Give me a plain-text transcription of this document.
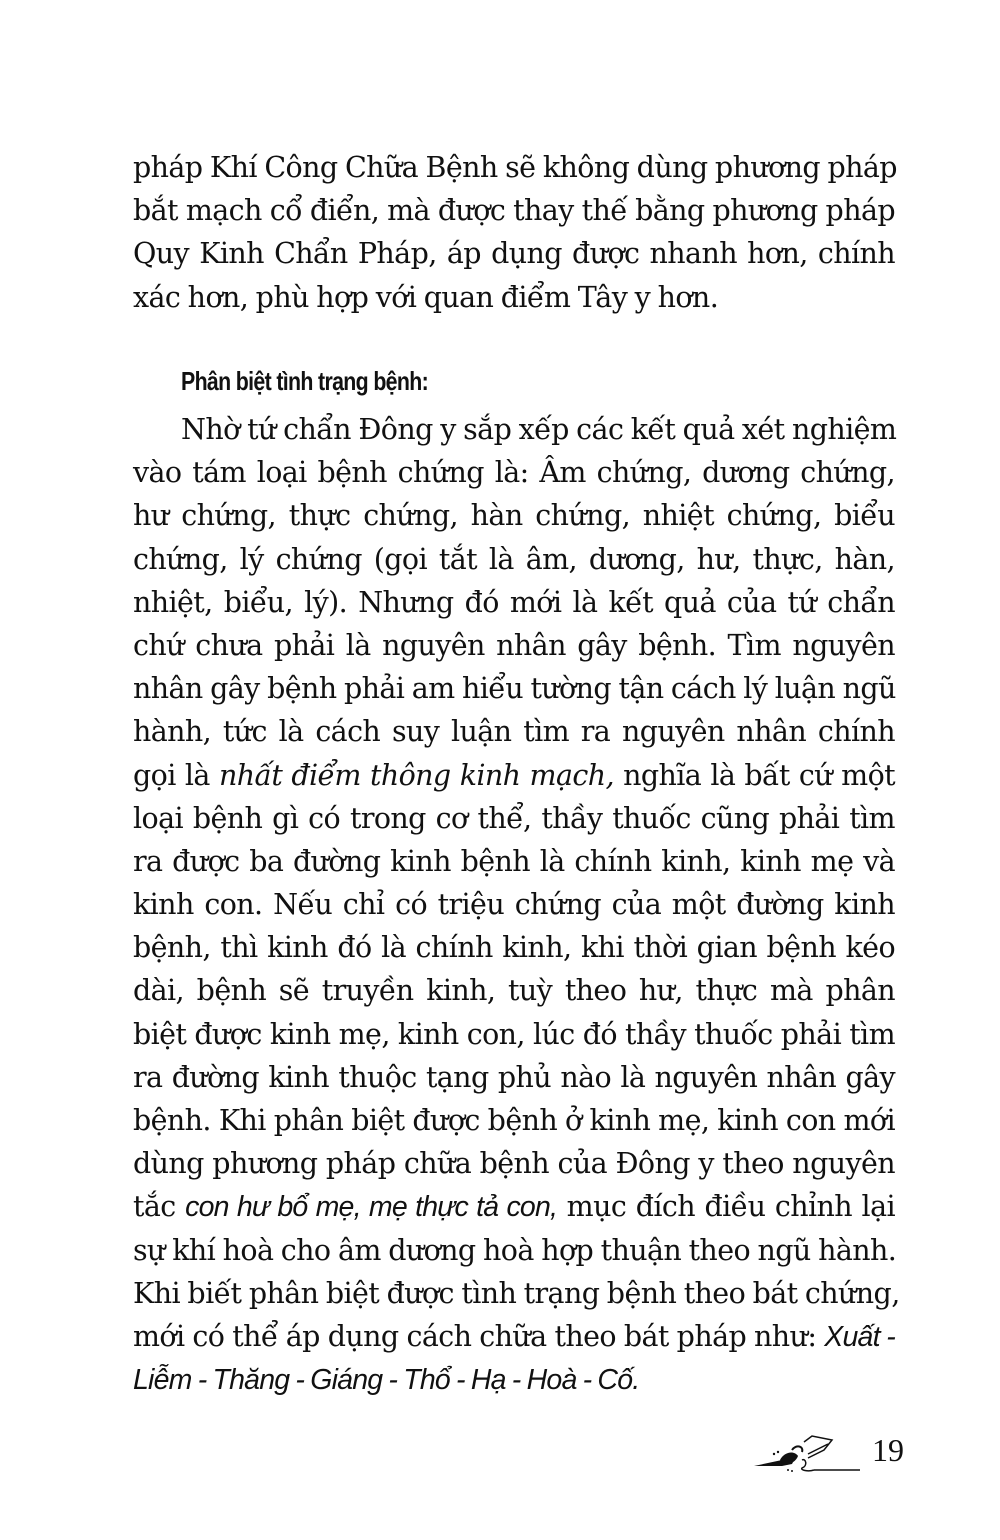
pháp Khí Công Chữa Bệnh sẽ không dùng phương pháp
bắt mạch cổ điển, mà được thay thế bằng phương pháp
Quy Kinh Chẩn Pháp, áp dụng được nhanh hơn, chính
xác hơn, phù hợp với quan điểm Tây y hơn.
Phân biệt tình trạng bệnh:
Nhờ tứ chẩn Đông y sắp xếp các kết quả xét nghiệm
vào tám loại bệnh chứng là: Âm chứng, dương chứng,
hư chứng, thực chứng, hàn chứng, nhiệt chứng, biểu
chứng, lý chứng (gọi tắt là âm, dương, hư, thực, hàn,
nhiệt, biểu, lý). Nhưng đó mới là kết quả của tứ chẩn
chứ chưa phải là nguyên nhân gây bệnh. Tìm nguyên
nhân gây bệnh phải am hiểu tường tận cách lý luận ngũ
hành, tức là cách suy luận tìm ra nguyên nhân chính
gọi là nhất điểm thông kinh mạch, nghĩa là bất cứ một
loại bệnh gì có trong cơ thể, thầy thuốc cũng phải tìm
ra được ba đường kinh bệnh là chính kinh, kinh mẹ và
kinh con. Nếu chỉ có triệu chứng của một đường kinh
bệnh, thì kinh đó là chính kinh, khi thời gian bệnh kéo
dài, bệnh sẽ truyền kinh, tuỳ theo hư, thực mà phân
biệt được kinh mẹ, kinh con, lúc đó thầy thuốc phải tìm
ra đường kinh thuộc tạng phủ nào là nguyên nhân gây
bệnh. Khi phân biệt được bệnh ở kinh mẹ, kinh con mới
dùng phương pháp chữa bệnh của Đông y theo nguyên
tắc con hư bổ mẹ, mẹ thực tả con, mục đích điều chỉnh lại
sự khí hoà cho âm dương hoà hợp thuận theo ngũ hành.
Khi biết phân biệt được tình trạng bệnh theo bát chứng,
mới có thể áp dụng cách chữa theo bát pháp như: Xuất -
Liễm - Thăng - Giáng - Thổ - Hạ - Hoà - Cố.
19
